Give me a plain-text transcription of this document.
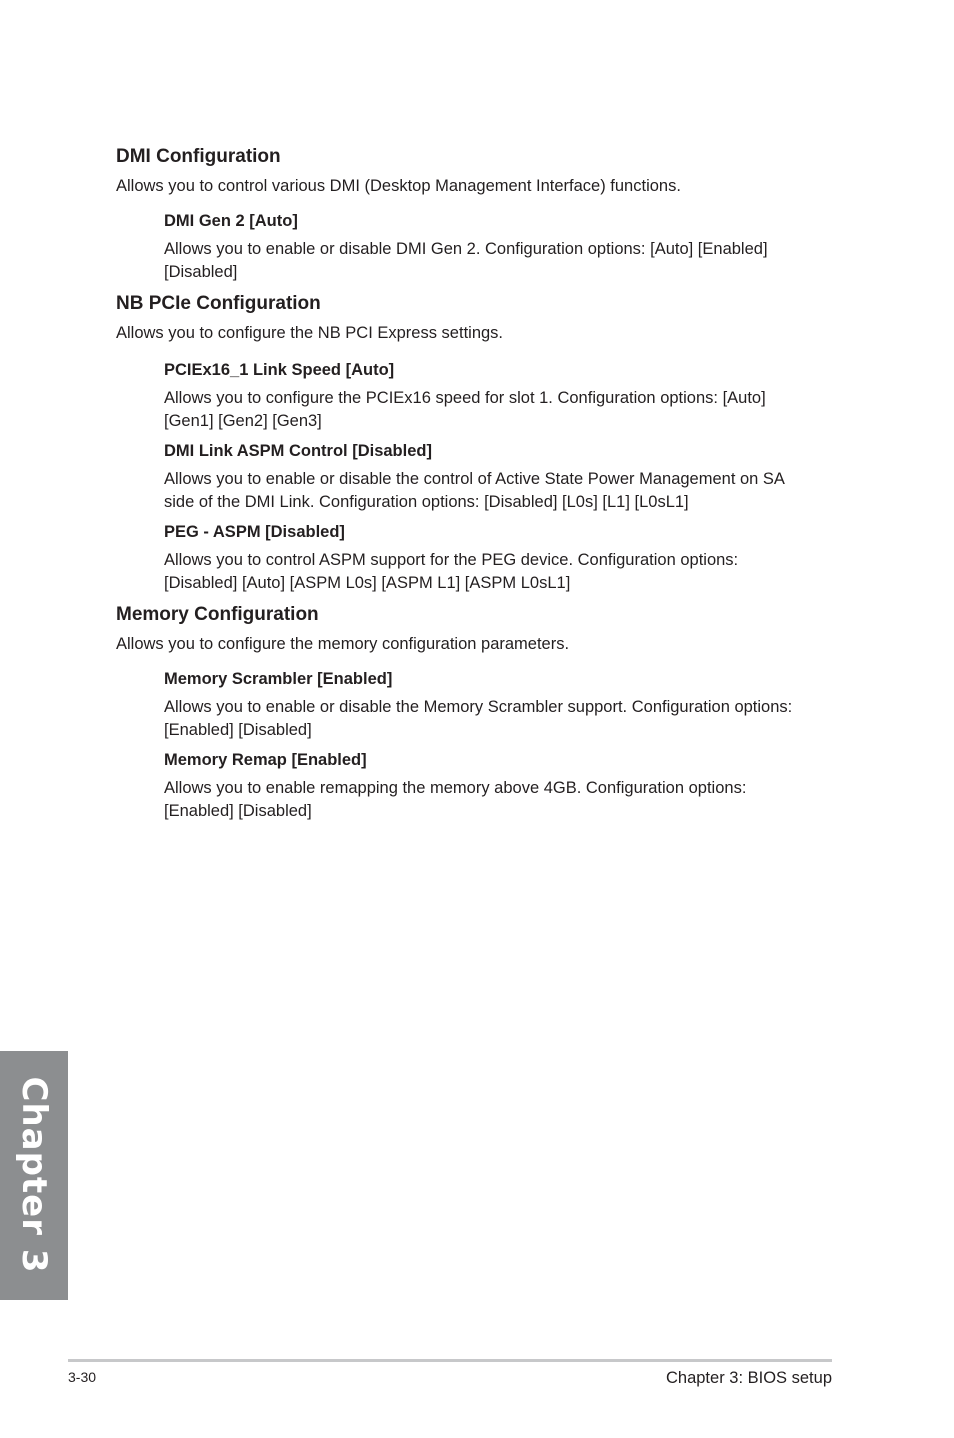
DMI Configuration

Allows you to control various DMI (Desktop Management Interface) functions.

DMI Gen 2 [Auto]

Allows you to enable or disable DMI Gen 2. Configuration options: [Auto] [Enabled]
[Disabled]

NB PCIe Configuration

Allows you to configure the NB PCI Express settings.

PCIEx16_1 Link Speed [Auto]

Allows you to configure the PCIEx16 speed for slot 1. Configuration options: [Auto]
[Gen1] [Gen2] [Gen3]

DMI Link ASPM Control [Disabled]

Allows you to enable or disable the control of Active State Power Management on SA
side of the DMI Link. Configuration options: [Disabled] [L0s] [L1] [L0sL1]

PEG - ASPM [Disabled]

Allows you to control ASPM support for the PEG device. Configuration options:
[Disabled] [Auto] [ASPM L0s] [ASPM L1] [ASPM L0sL1]

Memory Configuration

Allows you to configure the memory configuration parameters.

Memory Scrambler [Enabled]

Allows you to enable or disable the Memory Scrambler support. Configuration options:
[Enabled] [Disabled]

Memory Remap [Enabled]

Allows you to enable remapping the memory above 4GB. Configuration options:
[Enabled] [Disabled]

Chapter 3
3-30	Chapter 3: BIOS setup
